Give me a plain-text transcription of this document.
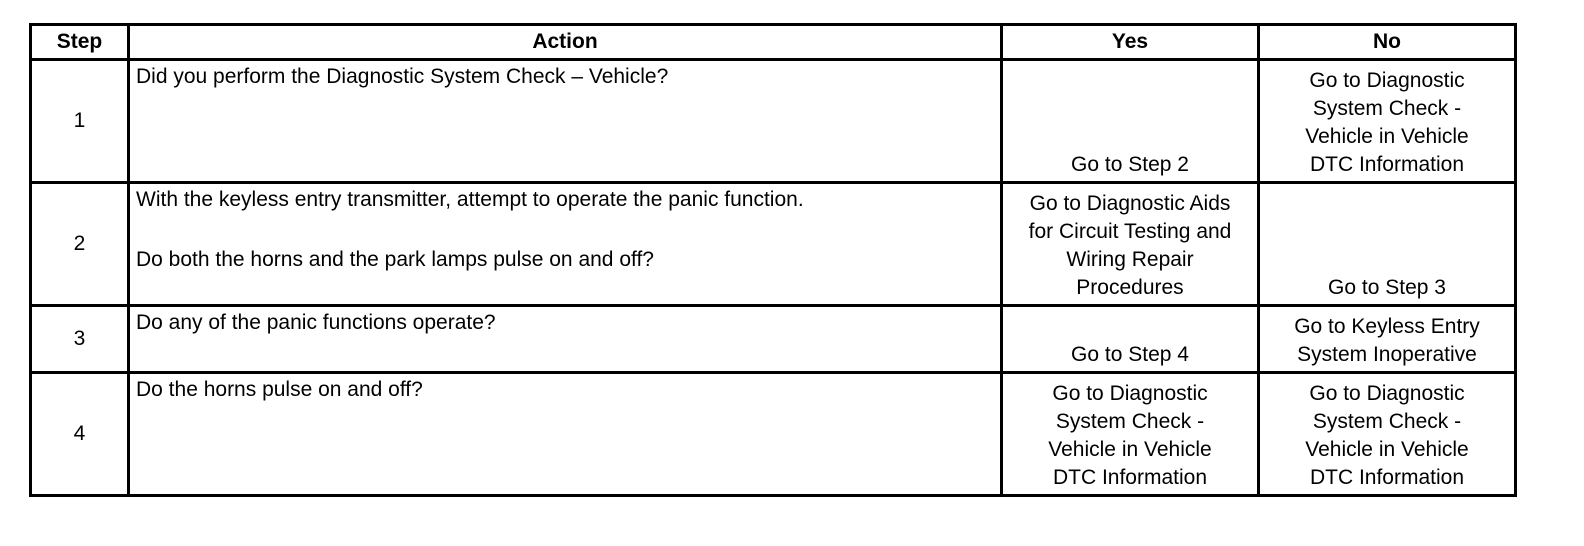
Step	Action	Yes	No
1	Did you perform the Diagnostic System Check – Vehicle?	Go to Step 2	Go to Diagnostic
System Check -
Vehicle in Vehicle
DTC Information

2	With the keyless entry transmitter, attempt to operate the panic function.
Do both the horns and the park lamps pulse on and off?	Go to Diagnostic Aids
for Circuit Testing and
Wiring Repair
Procedures	Go to Step 3

3	Do any of the panic functions operate?	Go to Step 4	Go to Keyless Entry
System Inoperative

4	Do the horns pulse on and off?	Go to Diagnostic
System Check -
Vehicle in Vehicle
DTC Information	Go to Diagnostic
System Check -
Vehicle in Vehicle
DTC Information
